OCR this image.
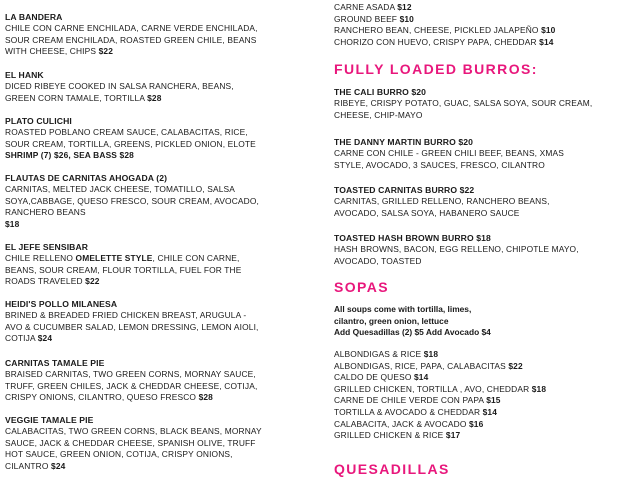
LA BANDERA
CHILE CON CARNE ENCHILADA, CARNE VERDE ENCHILADA,
SOUR CREAM ENCHILADA, ROASTED GREEN CHILE, BEANS
WITH CHEESE, CHIPS $22
EL HANK
DICED RIBEYE COOKED IN SALSA RANCHERA, BEANS,
GREEN CORN TAMALE, TORTILLA $28
PLATO CULICHI
ROASTED POBLANO CREAM SAUCE, CALABACITAS, RICE,
SOUR CREAM, TORTILLA, GREENS, PICKLED ONION, ELOTE
SHRIMP (7) $26, SEA BASS $28
FLAUTAS DE CARNITAS AHOGADA (2)
CARNITAS, MELTED JACK CHEESE, TOMATILLO, SALSA
SOYA,CABBAGE, QUESO FRESCO, SOUR CREAM, AVOCADO,
RANCHERO BEANS
$18
EL JEFE SENSIBAR
CHILE RELLENO OMELETTE STYLE, CHILE CON CARNE,
BEANS, SOUR CREAM, FLOUR TORTILLA, FUEL FOR THE
ROADS TRAVELED $22
HEIDI'S POLLO MILANESA
BRINED & BREADED FRIED CHICKEN BREAST, ARUGULA -
AVO & CUCUMBER SALAD, LEMON DRESSING, LEMON AIOLI,
COTIJA $24
CARNITAS TAMALE PIE
BRAISED CARNITAS, TWO GREEN CORNS, MORNAY SAUCE,
TRUFF, GREEN CHILES, JACK & CHEDDAR CHEESE, COTIJA,
CRISPY ONIONS, CILANTRO, QUESO FRESCO $28
VEGGIE TAMALE PIE
CALABACITAS, TWO GREEN CORNS, BLACK BEANS, MORNAY
SAUCE, JACK & CHEDDAR CHEESE, SPANISH OLIVE, TRUFF
HOT SAUCE, GREEN ONION, COTIJA, CRISPY ONIONS,
CILANTRO $24
CARNE ASADA $12
GROUND BEEF $10
RANCHERO BEAN, CHEESE, PICKLED JALAPEÑO $10
CHORIZO CON HUEVO, CRISPY PAPA, CHEDDAR $14
FULLY LOADED BURROS:
THE CALI BURRO $20
RIBEYE, CRISPY POTATO, GUAC, SALSA SOYA, SOUR CREAM,
CHEESE, CHIP-MAYO
THE DANNY MARTIN BURRO $20
CARNE CON CHILE - GREEN CHILI BEEF, BEANS, XMAS
STYLE, AVOCADO, 3 SAUCES, FRESCO, CILANTRO
TOASTED CARNITAS BURRO $22
CARNITAS, GRILLED RELLENO, RANCHERO BEANS,
AVOCADO, SALSA SOYA, HABANERO SAUCE
TOASTED HASH BROWN BURRO $18
HASH BROWNS, BACON, EGG RELLENO, CHIPOTLE MAYO,
AVOCADO, TOASTED
SOPAS
All soups come with tortilla, limes,
cilantro, green onion, lettuce
Add Quesadillas (2) $5 Add Avocado $4
ALBONDIGAS & RICE $18
ALBONDIGAS, RICE, PAPA, CALABACITAS $22
CALDO DE QUESO $14
GRILLED CHICKEN, TORTILLA , AVO, CHEDDAR $18
CARNE DE CHILE VERDE CON PAPA $15
TORTILLA & AVOCADO & CHEDDAR $14
CALABACITA, JACK & AVOCADO $16
GRILLED CHICKEN & RICE $17
QUESADILLAS
